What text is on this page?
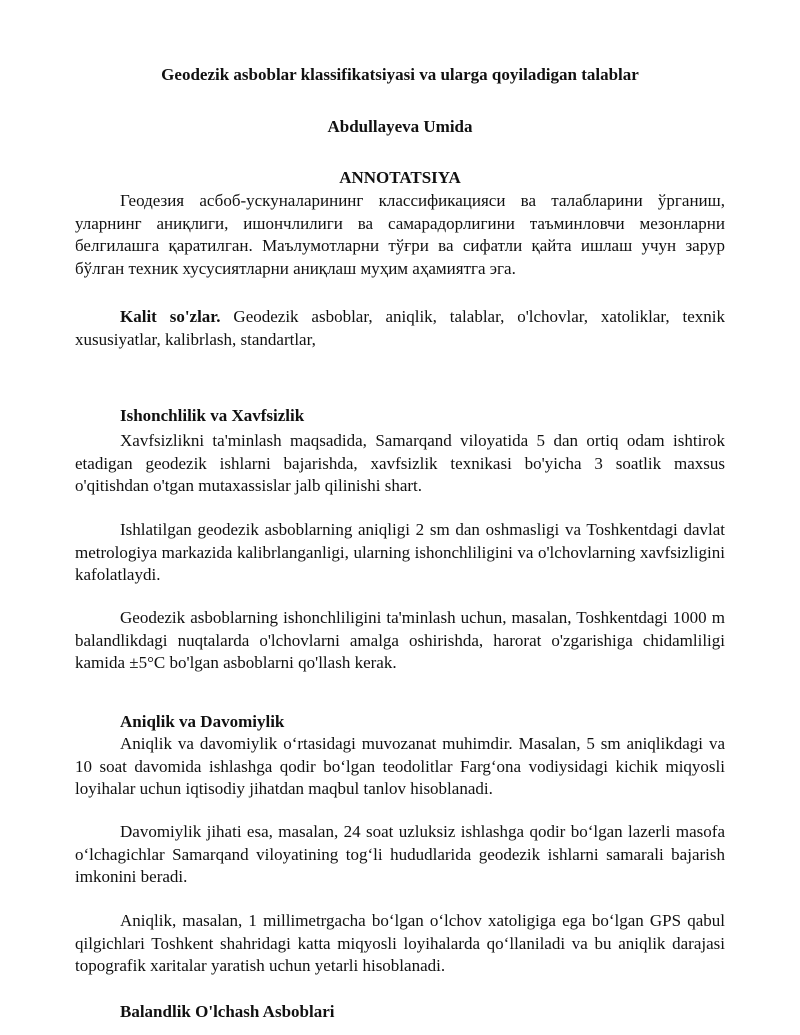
Geodezik asboblar klassifikatsiyasi va ularga qoyiladigan talablar
Abdullayeva Umida
ANNOTATSIYA

Геодезия асбоб-ускуналарининг классификацияси ва талабларини ўрганиш, уларнинг аниқлиги, ишончлилиги ва самарадорлигини таъминловчи мезонларни белгилашга қаратилган. Маълумотларни тўғри ва сифатли қайта ишлаш учун зарур бўлган техник хусусиятларни аниқлаш муҳим аҳамиятга эга.

Kalit so'zlar. Geodezik asboblar, aniqlik, talablar, o'lchovlar, xatoliklar, texnik xususiyatlar, kalibrlash, standartlar,

Ishonchlilik va Xavfsizlik

Xavfsizlikni ta'minlash maqsadida, Samarqand viloyatida 5 dan ortiq odam ishtirok etadigan geodezik ishlarni bajarishda, xavfsizlik texnikasi bo'yicha 3 soatlik maxsus o'qitishdan o'tgan mutaxassislar jalb qilinishi shart.

Ishlatilgan geodezik asboblarning aniqligi 2 sm dan oshmasligi va Toshkentdagi davlat metrologiya markazida kalibrlanganligi, ularning ishonchliligini va o'lchovlarning xavfsizligini kafolatlaydi.

Geodezik asboblarning ishonchliligini ta'minlash uchun, masalan, Toshkentdagi 1000 m balandlikdagi nuqtalarda o'lchovlarni amalga oshirishda, harorat o'zgarishiga chidamliligi kamida ±5°C bo'lgan asboblarni qo'llash kerak.

Aniqlik va Davomiylik

Aniqlik va davomiylik oʻrtasidagi muvozanat muhimdir. Masalan, 5 sm aniqlikdagi va 10 soat davomida ishlashga qodir boʻlgan teodolitlar Fargʻona vodiysidagi kichik miqyosli loyihalar uchun iqtisodiy jihatdan maqbul tanlov hisoblanadi.

Davomiylik jihati esa, masalan, 24 soat uzluksiz ishlashga qodir boʻlgan lazerli masofa oʻlchagichlar Samarqand viloyatining togʻli hududlarida geodezik ishlarni samarali bajarish imkonini beradi.

Aniqlik, masalan, 1 millimetrgacha boʻlgan oʻlchov xatoligiga ega boʻlgan GPS qabul qilgichlari Toshkent shahridagi katta miqyosli loyihalarda qoʻllaniladi va bu aniqlik darajasi topografik xaritalar yaratish uchun yetarli hisoblanadi.

Balandlik O'lchash Asboblari
